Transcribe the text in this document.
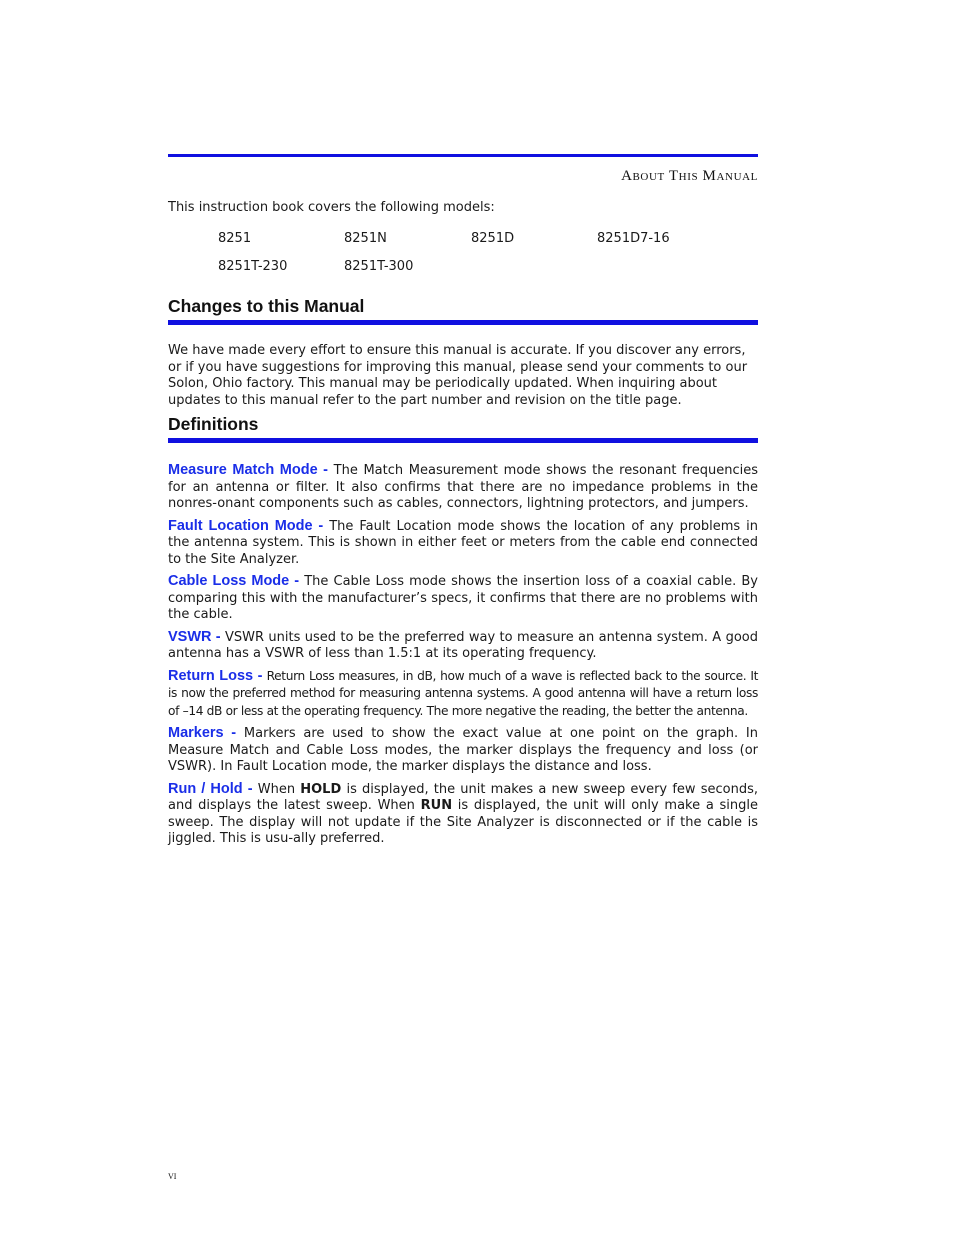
About This Manual
This instruction book covers the following models:
8251	8251N	8251D	8251D7-16
8251T-230	8251T-300
Changes to this Manual
We have made every effort to ensure this manual is accurate. If you discover any errors, or if you have suggestions for improving this manual, please send your comments to our Solon, Ohio factory. This manual may be periodically updated. When inquiring about updates to this manual refer to the part number and revision on the title page.
Definitions

Measure Match Mode - The Match Measurement mode shows the resonant frequencies for an antenna or filter. It also confirms that there are no impedance problems in the nonres-onant components such as cables, connectors, lightning protectors, and jumpers.

Fault Location Mode - The Fault Location mode shows the location of any problems in the antenna system. This is shown in either feet or meters from the cable end connected to the Site Analyzer.

Cable Loss Mode - The Cable Loss mode shows the insertion loss of a coaxial cable. By comparing this with the manufacturer’s specs, it confirms that there are no problems with the cable.

VSWR - VSWR units used to be the preferred way to measure an antenna system. A good antenna has a VSWR of less than 1.5:1 at its operating frequency.

Return Loss - Return Loss measures, in dB, how much of a wave is reflected back to the source. It is now the preferred method for measuring antenna systems. A good antenna will have a return loss of –14 dB or less at the operating frequency. The more negative the reading, the better the antenna.

Markers - Markers are used to show the exact value at one point on the graph. In Measure Match and Cable Loss modes, the marker displays the frequency and loss (or VSWR). In Fault Location mode, the marker displays the distance and loss.

Run / Hold - When HOLD is displayed, the unit makes a new sweep every few seconds, and displays the latest sweep. When RUN is displayed, the unit will only make a single sweep. The display will not update if the Site Analyzer is disconnected or if the cable is jiggled. This is usu-ally preferred.

vi
